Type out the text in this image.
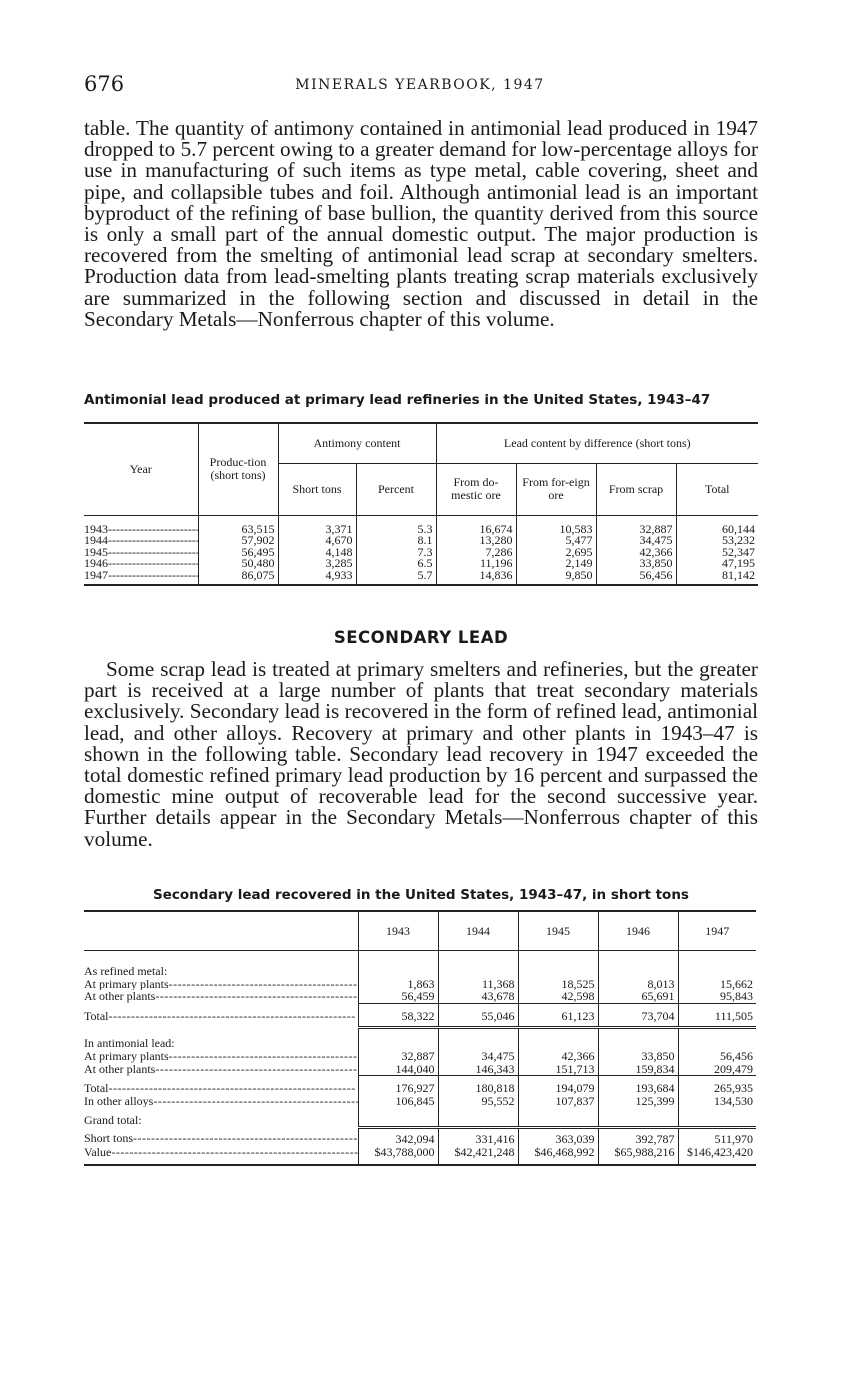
676	MINERALS YEARBOOK, 1947

table. The quantity of antimony contained in antimonial lead produced in 1947 dropped to 5.7 percent owing to a greater demand for low-percentage alloys for use in manufacturing of such items as type metal, cable covering, sheet and pipe, and collapsible tubes and foil. Although antimonial lead is an important byproduct of the refining of base bullion, the quantity derived from this source is only a small part of the annual domestic output. The major production is recovered from the smelting of antimonial lead scrap at secondary smelters. Production data from lead-smelting plants treating scrap materials exclusively are summarized in the following section and discussed in detail in the Secondary Metals—Nonferrous chapter of this volume.

Antimonial lead produced at primary lead refineries in the United States, 1943–47
Year	Produc-tion (short tons)	Antimony content		Lead content by difference (short tons)			
		Short tons	Percent	From do-mestic ore	From for-eign ore	From scrap	Total
1943 -----	63,515	3,371	5.3	16,674	10,583	32,887	60,144
1944 -----	57,902	4,670	8.1	13,280	5,477	34,475	53,232
1945 -----	56,495	4,148	7.3	7,286	2,695	42,366	52,347
1946 -----	50,480	3,285	6.5	11,196	2,149	33,850	47,195
1947 -----	86,075	4,933	5.7	14,836	9,850	56,456	81,142
SECONDARY LEAD

Some scrap lead is treated at primary smelters and refineries, but the greater part is received at a large number of plants that treat secondary materials exclusively. Secondary lead is recovered in the form of refined lead, antimonial lead, and other alloys. Recovery at primary and other plants in 1943–47 is shown in the following table. Secondary lead recovery in 1947 exceeded the total domestic refined primary lead production by 16 percent and surpassed the domestic mine output of recoverable lead for the second successive year. Further details appear in the Secondary Metals—Nonferrous chapter of this volume.

Secondary lead recovered in the United States, 1943–47, in short tons
	1943	1944	1945	1946	1947
As refined metal:					
At primary plants -----	1,863	11,368	18,525	8,013	15,662
At other plants -----	56,459	43,678	42,598	65,691	95,843
Total -----	58,322	55,046	61,123	73,704	111,505
In antimonial lead:					
At primary plants -----	32,887	34,475	42,366	33,850	56,456
At other plants -----	144,040	146,343	151,713	159,834	209,479
Total -----	176,927	180,818	194,079	193,684	265,935
In other alloys -----	106,845	95,552	107,837	125,399	134,530
Grand total:					
Short tons -----	342,094	331,416	363,039	392,787	511,970
Value -----	$43,788,000	$42,421,248	$46,468,992	$65,988,216	$146,423,420
